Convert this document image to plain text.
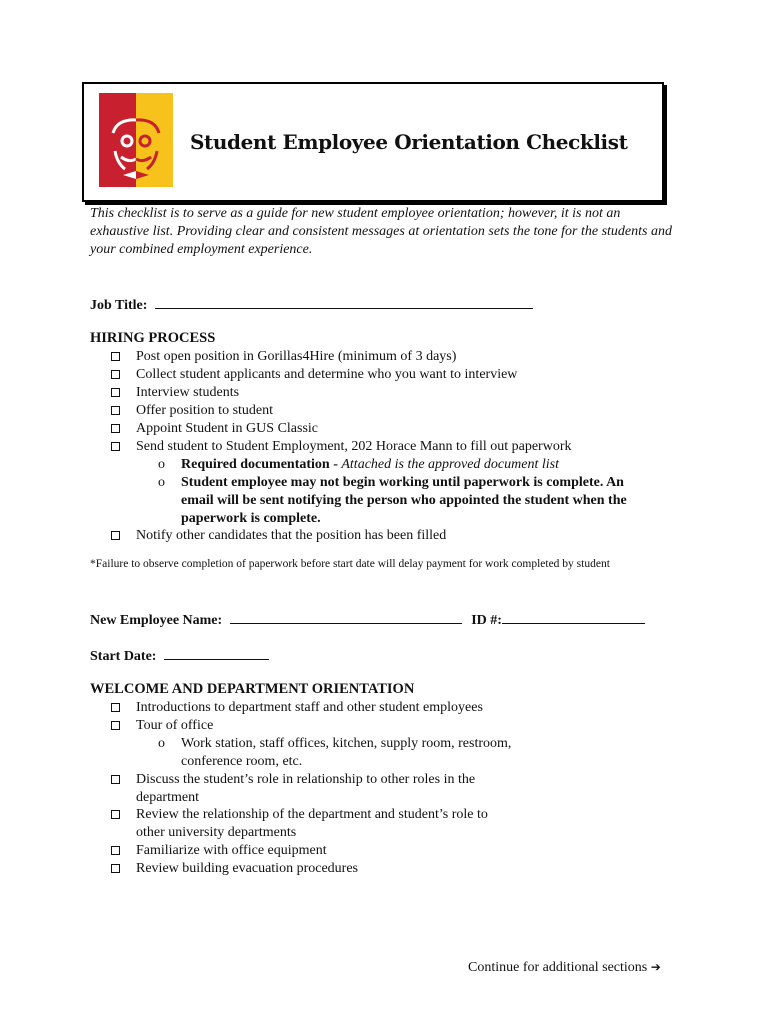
Student Employee Orientation Checklist
This checklist is to serve as a guide for new student employee orientation; however, it is not an exhaustive list. Providing clear and consistent messages at orientation sets the tone for the students and your combined employment experience.
Job Title:
HIRING PROCESS
Post open position in Gorillas4Hire (minimum of 3 days)
Collect student applicants and determine who you want to interview
Interview students
Offer position to student
Appoint Student in GUS Classic
Send student to Student Employment, 202 Horace Mann to fill out paperwork
o Required documentation - Attached is the approved document list
o Student employee may not begin working until paperwork is complete. An
email will be sent notifying the person who appointed the student when the
paperwork is complete.
Notify other candidates that the position has been filled
*Failure to observe completion of paperwork before start date will delay payment for work completed by student
New Employee Name:	ID #:
Start Date:
WELCOME AND DEPARTMENT ORIENTATION
Introductions to department staff and other student employees
Tour of office
o Work station, staff offices, kitchen, supply room, restroom,
conference room, etc.
Discuss the student’s role in relationship to other roles in the
department
Review the relationship of the department and student’s role to
other university departments
Familiarize with office equipment
Review building evacuation procedures
Continue for additional sections ➔
